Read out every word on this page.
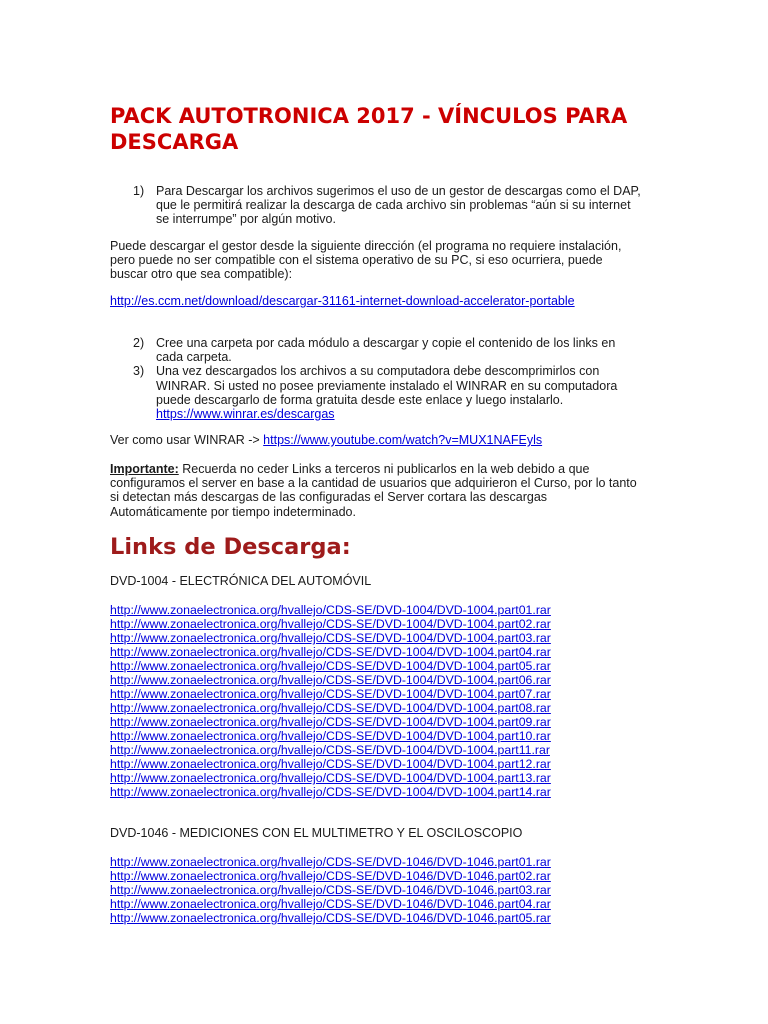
PACK AUTOTRONICA 2017 - VÍNCULOS PARA DESCARGA
1) Para Descargar los archivos sugerimos el uso de un gestor de descargas como el DAP,
que le permitirá realizar la descarga de cada archivo sin problemas “aún si su internet
se interrumpe” por algún motivo.
Puede descargar el gestor desde la siguiente dirección (el programa no requiere instalación,
pero puede no ser compatible con el sistema operativo de su PC, si eso ocurriera, puede
buscar otro que sea compatible):
http://es.ccm.net/download/descargar-31161-internet-download-accelerator-portable
2) Cree una carpeta por cada módulo a descargar y copie el contenido de los links en
cada carpeta.
3) Una vez descargados los archivos a su computadora debe descomprimirlos con
WINRAR. Si usted no posee previamente instalado el WINRAR en su computadora
puede descargarlo de forma gratuita desde este enlace y luego instalarlo.
https://www.winrar.es/descargas
Ver como usar WINRAR -> https://www.youtube.com/watch?v=MUX1NAFEyls
Importante: Recuerda no ceder Links a terceros ni publicarlos en la web debido a que
configuramos el server en base a la cantidad de usuarios que adquirieron el Curso, por lo tanto
si detectan más descargas de las configuradas el Server cortara las descargas
Automáticamente por tiempo indeterminado.
Links de Descarga:

DVD-1004 - ELECTRÓNICA DEL AUTOMÓVIL

http://www.zonaelectronica.org/hvallejo/CDS-SE/DVD-1004/DVD-1004.part01.rar
http://www.zonaelectronica.org/hvallejo/CDS-SE/DVD-1004/DVD-1004.part02.rar
http://www.zonaelectronica.org/hvallejo/CDS-SE/DVD-1004/DVD-1004.part03.rar
http://www.zonaelectronica.org/hvallejo/CDS-SE/DVD-1004/DVD-1004.part04.rar
http://www.zonaelectronica.org/hvallejo/CDS-SE/DVD-1004/DVD-1004.part05.rar
http://www.zonaelectronica.org/hvallejo/CDS-SE/DVD-1004/DVD-1004.part06.rar
http://www.zonaelectronica.org/hvallejo/CDS-SE/DVD-1004/DVD-1004.part07.rar
http://www.zonaelectronica.org/hvallejo/CDS-SE/DVD-1004/DVD-1004.part08.rar
http://www.zonaelectronica.org/hvallejo/CDS-SE/DVD-1004/DVD-1004.part09.rar
http://www.zonaelectronica.org/hvallejo/CDS-SE/DVD-1004/DVD-1004.part10.rar
http://www.zonaelectronica.org/hvallejo/CDS-SE/DVD-1004/DVD-1004.part11.rar
http://www.zonaelectronica.org/hvallejo/CDS-SE/DVD-1004/DVD-1004.part12.rar
http://www.zonaelectronica.org/hvallejo/CDS-SE/DVD-1004/DVD-1004.part13.rar
http://www.zonaelectronica.org/hvallejo/CDS-SE/DVD-1004/DVD-1004.part14.rar

DVD-1046 - MEDICIONES CON EL MULTIMETRO Y EL OSCILOSCOPIO

http://www.zonaelectronica.org/hvallejo/CDS-SE/DVD-1046/DVD-1046.part01.rar
http://www.zonaelectronica.org/hvallejo/CDS-SE/DVD-1046/DVD-1046.part02.rar
http://www.zonaelectronica.org/hvallejo/CDS-SE/DVD-1046/DVD-1046.part03.rar
http://www.zonaelectronica.org/hvallejo/CDS-SE/DVD-1046/DVD-1046.part04.rar
http://www.zonaelectronica.org/hvallejo/CDS-SE/DVD-1046/DVD-1046.part05.rar
